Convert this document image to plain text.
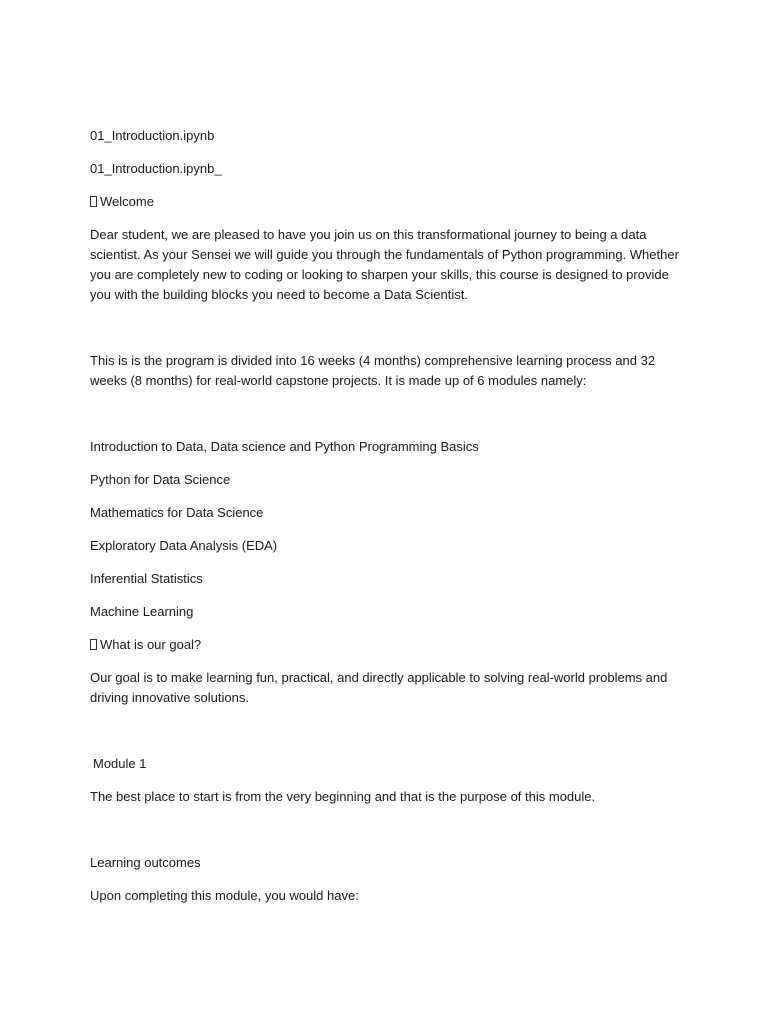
01_Introduction.ipynb

01_Introduction.ipynb_

Welcome

Dear student, we are pleased to have you join us on this transformational journey to being a data scientist. As your Sensei we will guide you through the fundamentals of Python programming. Whether you are completely new to coding or looking to sharpen your skills, this course is designed to provide you with the building blocks you need to become a Data Scientist.

This is is the program is divided into 16 weeks (4 months) comprehensive learning process and 32 weeks (8 months) for real-world capstone projects. It is made up of 6 modules namely:

Introduction to Data, Data science and Python Programming Basics

Python for Data Science

Mathematics for Data Science

Exploratory Data Analysis (EDA)

Inferential Statistics

Machine Learning

What is our goal?

Our goal is to make learning fun, practical, and directly applicable to solving real-world problems and driving innovative solutions.

Module 1

The best place to start is from the very beginning and that is the purpose of this module.

Learning outcomes

Upon completing this module, you would have:
